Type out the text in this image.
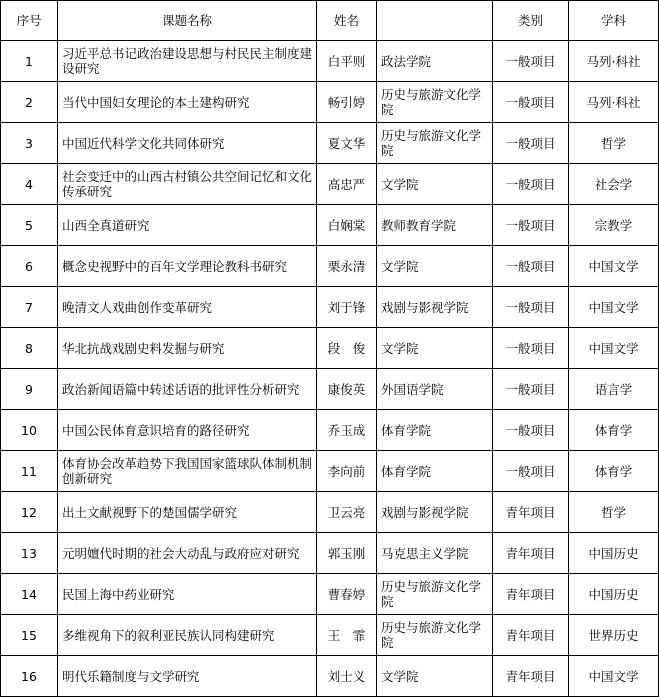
序号	课题名称	姓名		类别	学科
1	习近平总书记政治建设思想与村民民主制度建设研究	白平则	政法学院	一般项目	马列·科社
2	当代中国妇女理论的本土建构研究	畅引婷	历史与旅游文化学院	一般项目	马列·科社
3	中国近代科学文化共同体研究	夏文华	历史与旅游文化学院	一般项目	哲学
4	社会变迁中的山西古村镇公共空间记忆和文化传承研究	高忠严	文学院	一般项目	社会学
5	山西全真道研究	白娴棠	教师教育学院	一般项目	宗教学
6	概念史视野中的百年文学理论教科书研究	栗永清	文学院	一般项目	中国文学
7	晚清文人戏曲创作变革研究	刘于锋	戏剧与影视学院	一般项目	中国文学
8	华北抗战戏剧史料发掘与研究	段　俊	文学院	一般项目	中国文学
9	政治新闻语篇中转述话语的批评性分析研究	康俊英	外国语学院	一般项目	语言学
10	中国公民体育意识培育的路径研究	乔玉成	体育学院	一般项目	体育学
11	体育协会改革趋势下我国国家篮球队体制机制创新研究	李向前	体育学院	一般项目	体育学
12	出土文献视野下的楚国儒学研究	卫云亮	戏剧与影视学院	青年项目	哲学
13	元明嬗代时期的社会大动乱与政府应对研究	郭玉刚	马克思主义学院	青年项目	中国历史
14	民国上海中药业研究	曹春婷	历史与旅游文化学院	青年项目	中国历史
15	多维视角下的叙利亚民族认同构建研究	王　霏	历史与旅游文化学院	青年项目	世界历史
16	明代乐籍制度与文学研究	刘士义	文学院	青年项目	中国文学
